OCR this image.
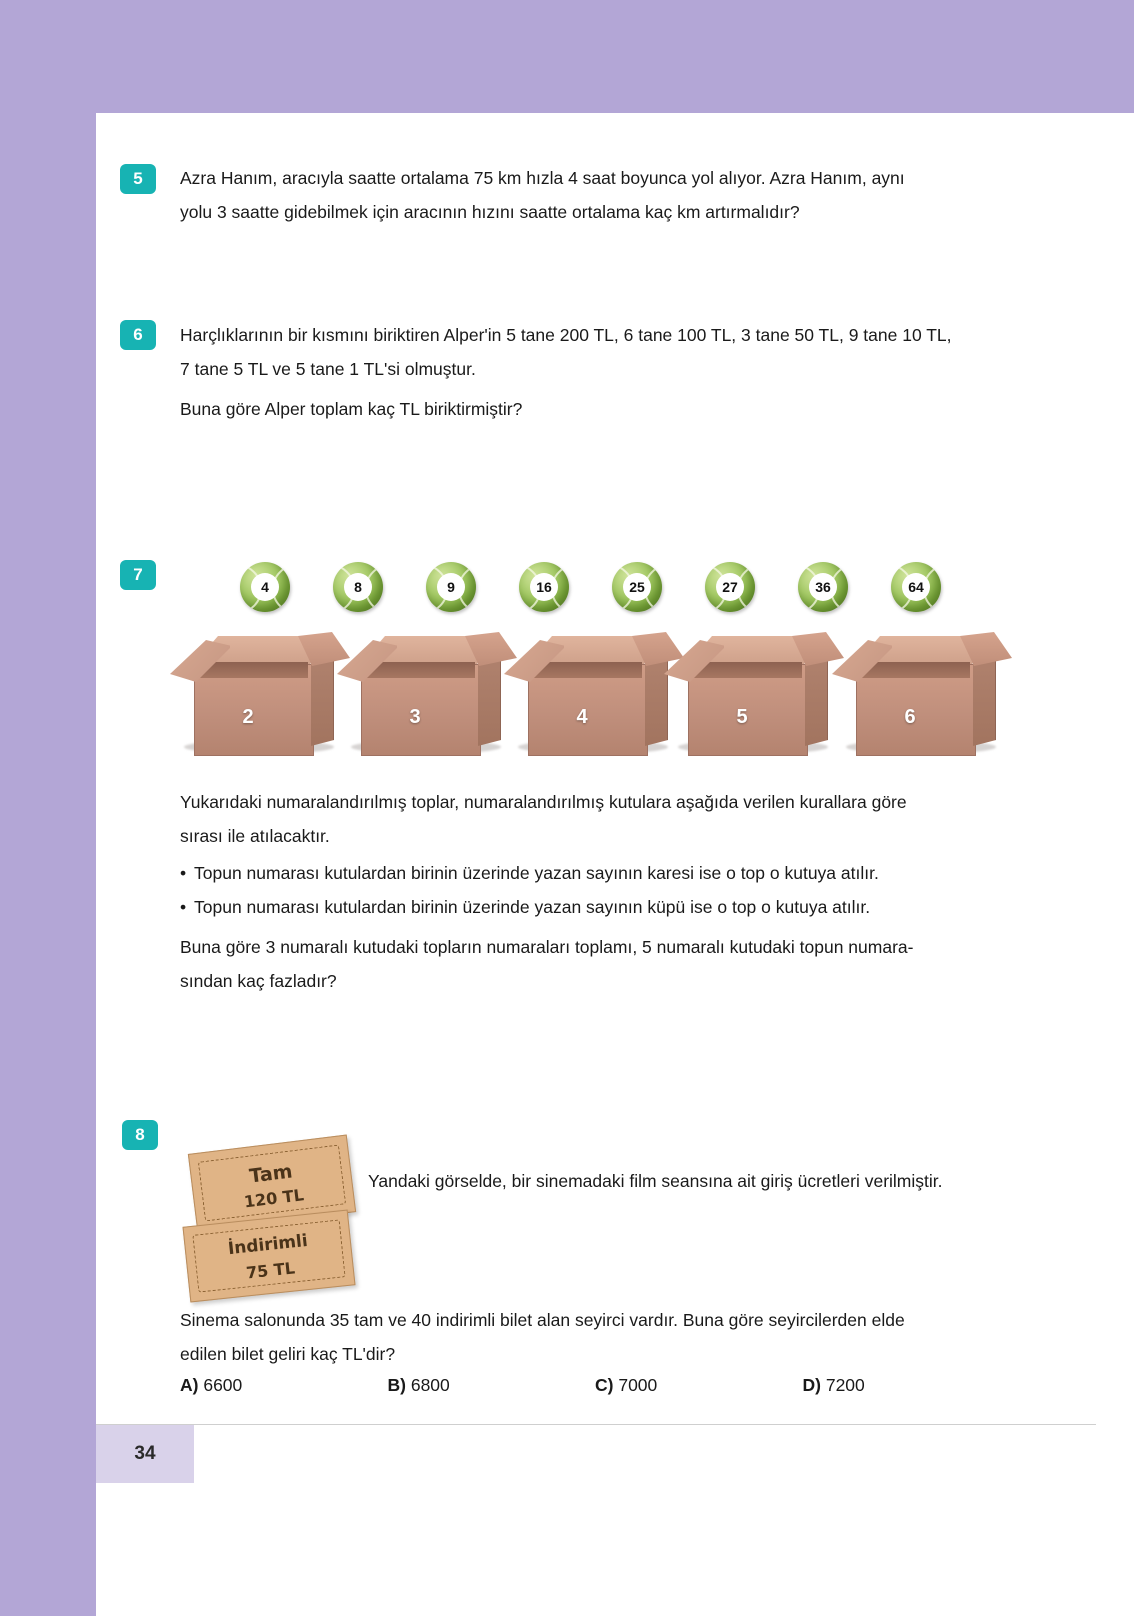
5	Azra Hanım, aracıyla saatte ortalama 75 km hızla 4 saat boyunca yol alıyor. Azra Hanım, aynı
yolu 3 saatte gidebilmek için aracının hızını saatte ortalama kaç km artırmalıdır?
6	Harçlıklarının bir kısmını biriktiren Alper'in 5 tane 200 TL, 6 tane 100 TL, 3 tane 50 TL, 9 tane 10 TL,
7 tane 5 TL ve 5 tane 1 TL'si olmuştur.
Buna göre Alper toplam kaç TL biriktirmiştir?
7
4	8	9	16	25	27	36	64
2	3	4	5	6
Yukarıdaki numaralandırılmış toplar, numaralandırılmış kutulara aşağıda verilen kurallara göre
sırası ile atılacaktır.
• Topun numarası kutulardan birinin üzerinde yazan sayının karesi ise o top o kutuya atılır.
• Topun numarası kutulardan birinin üzerinde yazan sayının küpü ise o top o kutuya atılır.
Buna göre 3 numaralı kutudaki topların numaraları toplamı, 5 numaralı kutudaki topun numara-
sından kaç fazladır?
8
Tam
120 TL
İndirimli
75 TL
Yandaki görselde, bir sinemadaki film seansına ait giriş ücretleri verilmiştir.
Sinema salonunda 35 tam ve 40 indirimli bilet alan seyirci vardır. Buna göre seyircilerden elde
edilen bilet geliri kaç TL'dir?
A) 6600	B) 6800	C) 7000	D) 7200
34
